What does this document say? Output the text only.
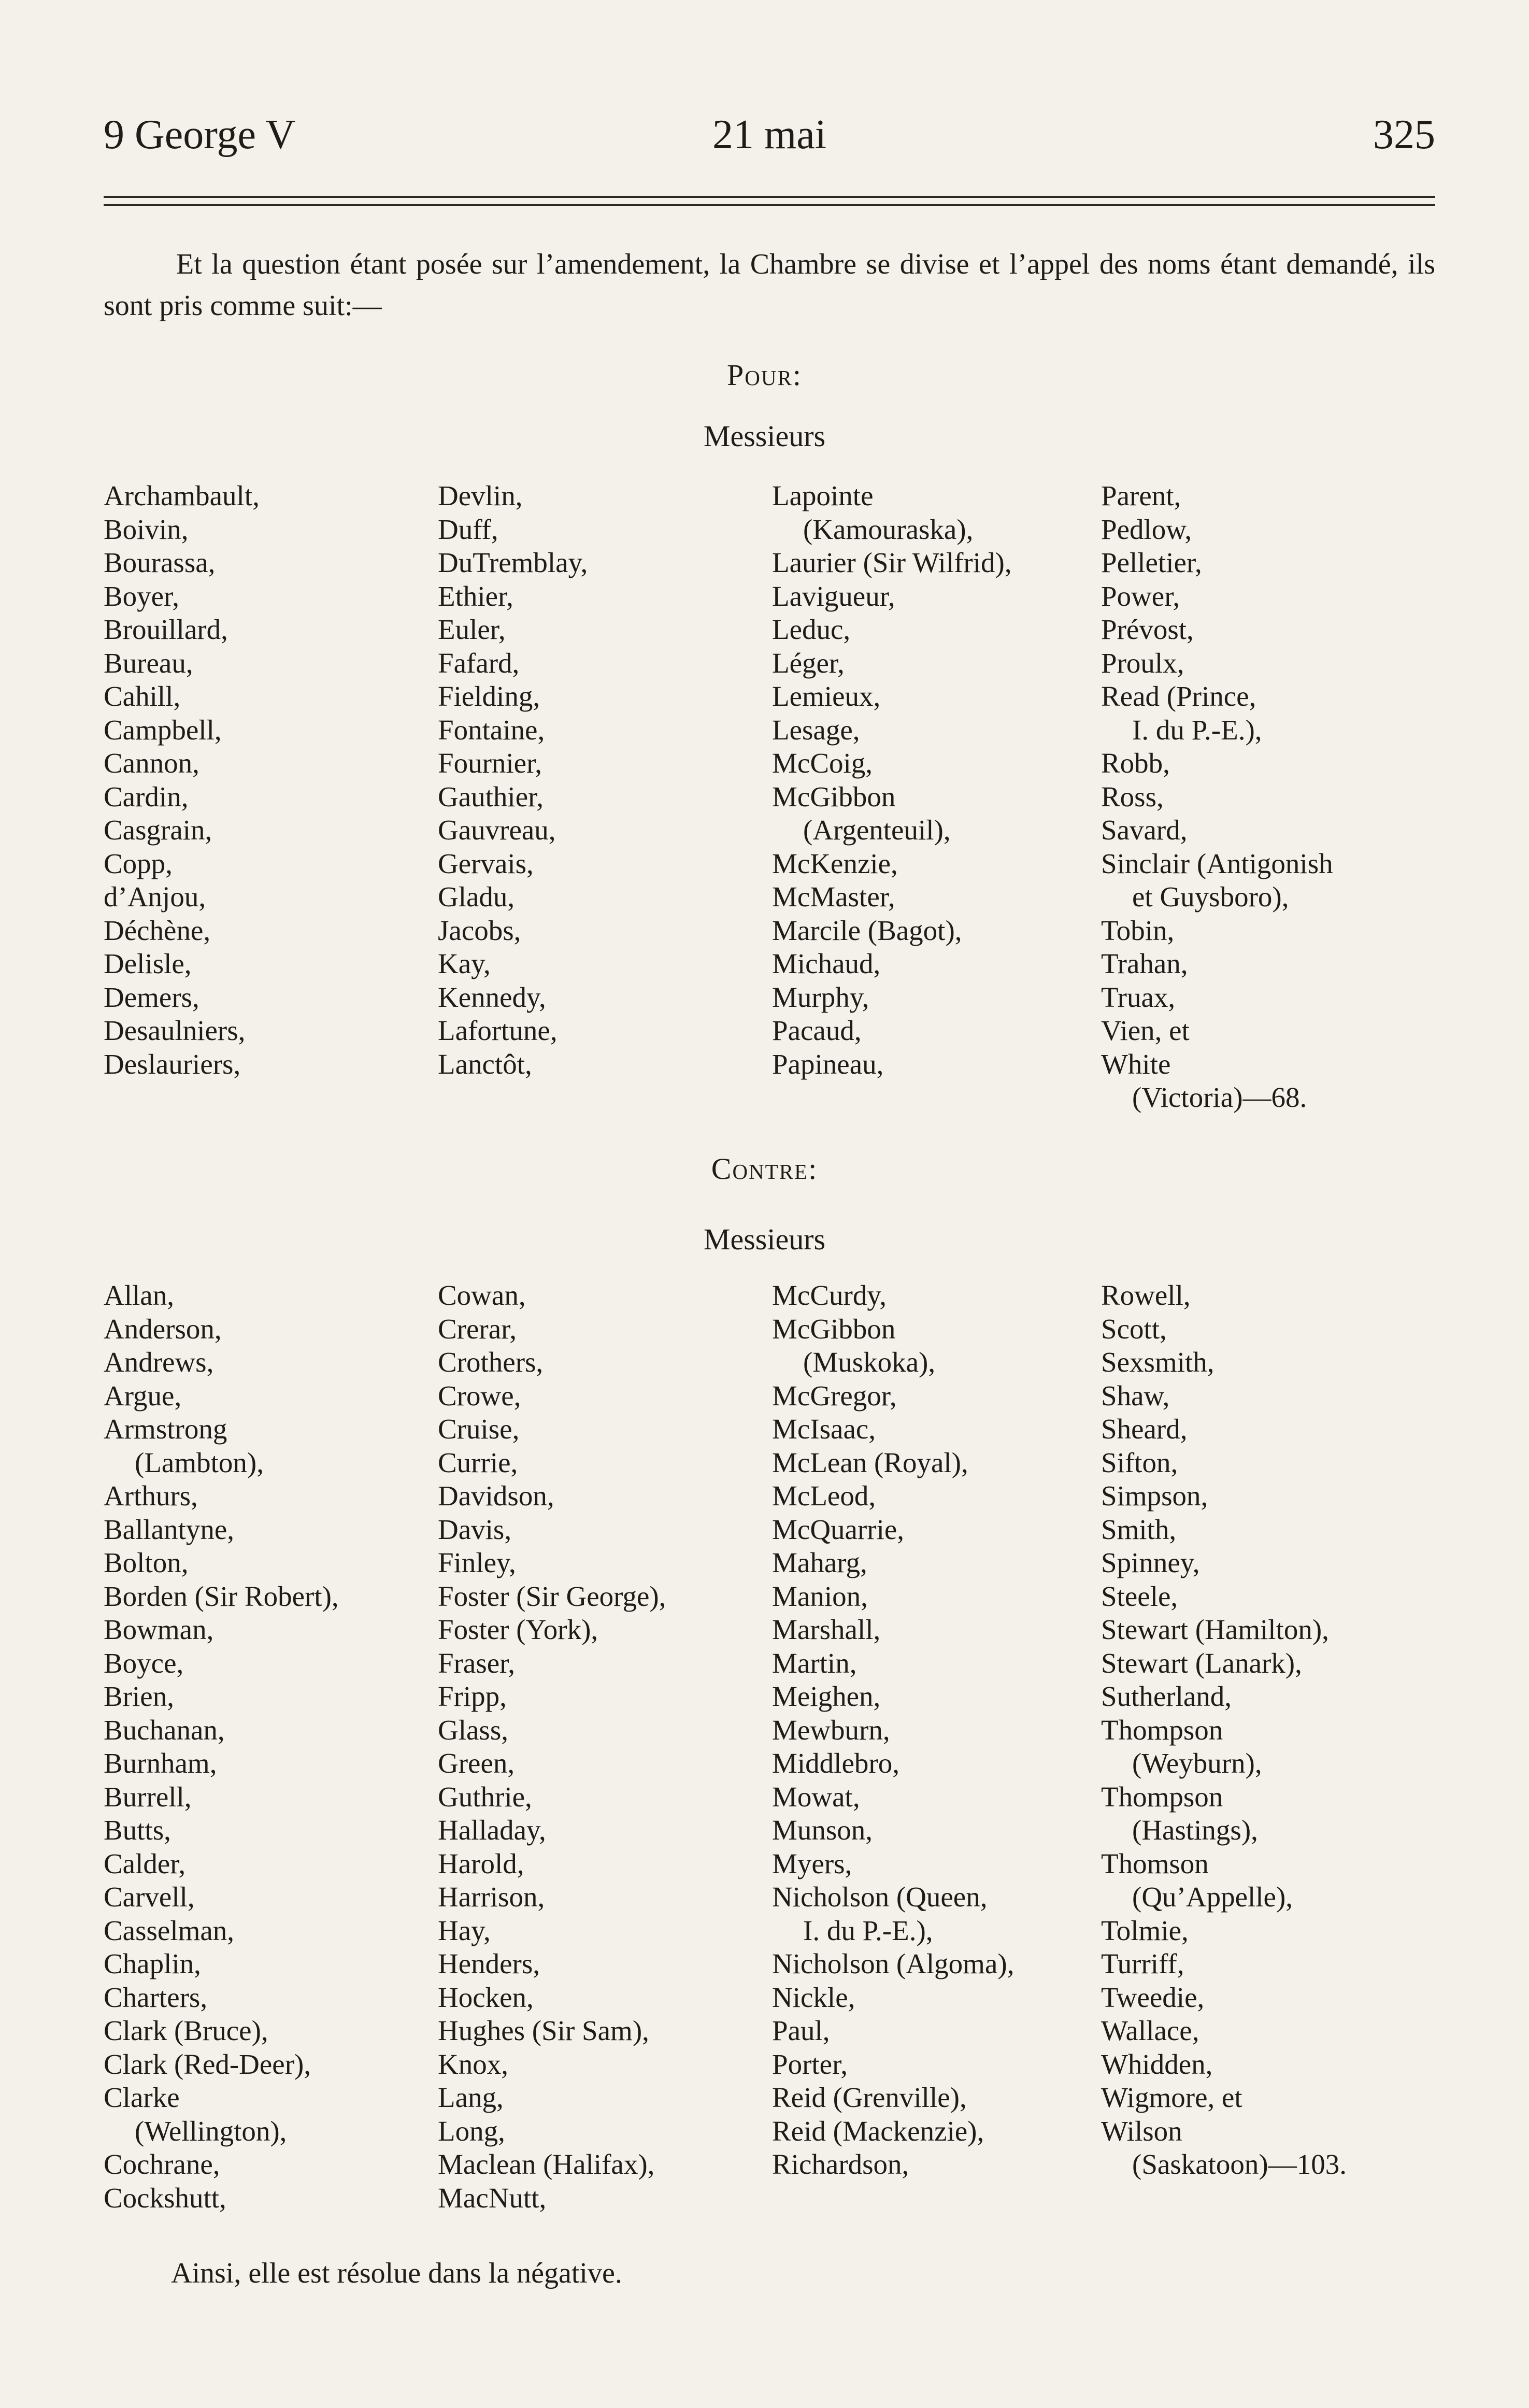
9 George V	21 mai	325
Et la question étant posée sur l’amendement, la Chambre se divise et l’appel des noms étant demandé, ils sont pris comme suit:—
Pour:
Messieurs
Archambault,
Boivin,
Bourassa,
Boyer,
Brouillard,
Bureau,
Cahill,
Campbell,
Cannon,
Cardin,
Casgrain,
Copp,
d’Anjou,
Déchène,
Delisle,
Demers,
Desaulniers,
Deslauriers,
Devlin,
Duff,
DuTremblay,
Ethier,
Euler,
Fafard,
Fielding,
Fontaine,
Fournier,
Gauthier,
Gauvreau,
Gervais,
Gladu,
Jacobs,
Kay,
Kennedy,
Lafortune,
Lanctôt,
Lapointe
(Kamouraska),
Laurier (Sir Wilfrid),
Lavigueur,
Leduc,
Léger,
Lemieux,
Lesage,
McCoig,
McGibbon
(Argenteuil),
McKenzie,
McMaster,
Marcile (Bagot),
Michaud,
Murphy,
Pacaud,
Papineau,
Parent,
Pedlow,
Pelletier,
Power,
Prévost,
Proulx,
Read (Prince,
I. du P.-E.),
Robb,
Ross,
Savard,
Sinclair (Antigonish
et Guysboro),
Tobin,
Trahan,
Truax,
Vien, et
White
(Victoria)—68.
Contre:
Messieurs
Allan,
Anderson,
Andrews,
Argue,
Armstrong
(Lambton),
Arthurs,
Ballantyne,
Bolton,
Borden (Sir Robert),
Bowman,
Boyce,
Brien,
Buchanan,
Burnham,
Burrell,
Butts,
Calder,
Carvell,
Casselman,
Chaplin,
Charters,
Clark (Bruce),
Clark (Red-Deer),
Clarke
(Wellington),
Cochrane,
Cockshutt,
Cowan,
Crerar,
Crothers,
Crowe,
Cruise,
Currie,
Davidson,
Davis,
Finley,
Foster (Sir George),
Foster (York),
Fraser,
Fripp,
Glass,
Green,
Guthrie,
Halladay,
Harold,
Harrison,
Hay,
Henders,
Hocken,
Hughes (Sir Sam),
Knox,
Lang,
Long,
Maclean (Halifax),
MacNutt,
McCurdy,
McGibbon
(Muskoka),
McGregor,
McIsaac,
McLean (Royal),
McLeod,
McQuarrie,
Maharg,
Manion,
Marshall,
Martin,
Meighen,
Mewburn,
Middlebro,
Mowat,
Munson,
Myers,
Nicholson (Queen,
I. du P.-E.),
Nicholson (Algoma),
Nickle,
Paul,
Porter,
Reid (Grenville),
Reid (Mackenzie),
Richardson,
Rowell,
Scott,
Sexsmith,
Shaw,
Sheard,
Sifton,
Simpson,
Smith,
Spinney,
Steele,
Stewart (Hamilton),
Stewart (Lanark),
Sutherland,
Thompson
(Weyburn),
Thompson
(Hastings),
Thomson
(Qu’Appelle),
Tolmie,
Turriff,
Tweedie,
Wallace,
Whidden,
Wigmore, et
Wilson
(Saskatoon)—103.
Ainsi, elle est résolue dans la négative.
